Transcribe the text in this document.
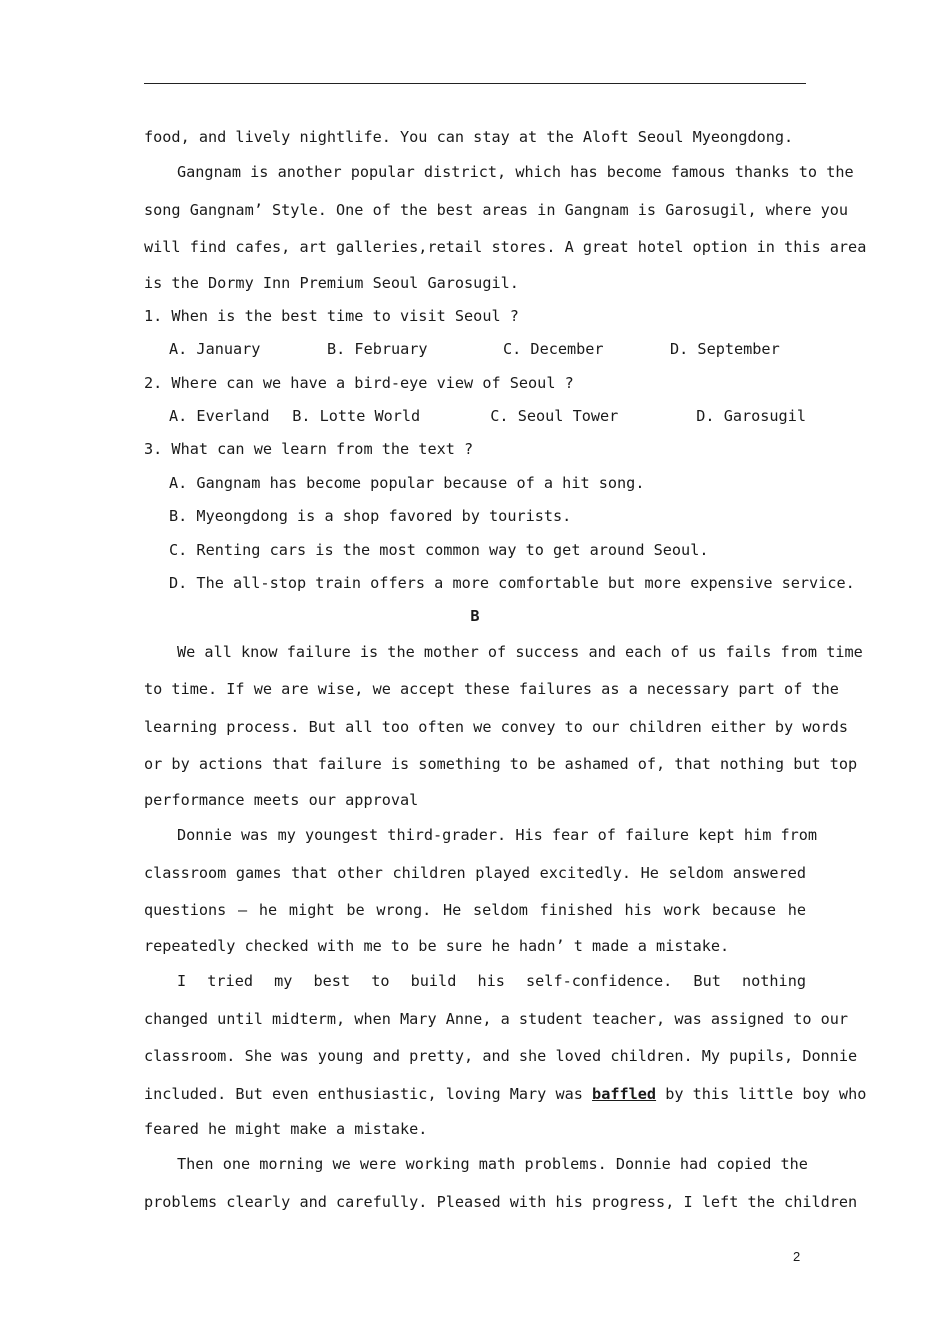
food, and lively nightlife. You can stay at the Aloft Seoul Myeongdong.
Gangnam is another popular district, which has become famous thanks to the
song Gangnam’ Style. One of the best areas in Gangnam is Garosugil, where you
will find cafes, art galleries,retail stores. A great hotel option in this area
is the Dormy Inn Premium Seoul Garosugil.
1. When is the best time to visit Seoul ?
A. January	B. February	C. December	D. September
2. Where can we have a bird-eye view of Seoul ?
A. Everland	B. Lotte World	C. Seoul Tower	D. Garosugil
3. What can we learn from the text ?
A. Gangnam has become popular because of a hit song.
B. Myeongdong is a shop favored by tourists.
C. Renting cars is the most common way to get around Seoul.
D. The all-stop train offers a more comfortable but more expensive service.
B
We all know failure is the mother of success and each of us fails from time
to time. If we are wise, we accept these failures as a necessary part of the
learning process. But all too often we convey to our children either by words
or by actions that failure is something to be ashamed of, that nothing but top
performance meets our approval
Donnie was my youngest third-grader. His fear of failure kept him from
classroom games that other children played excitedly. He seldom answered
questions — he might be wrong. He seldom finished his work because he
repeatedly checked with me to be sure he hadn’ t made a mistake.
I tried my best to build his self-confidence. But nothing
changed until midterm, when Mary Anne, a student teacher, was assigned to our
classroom. She was young and pretty, and she loved children. My pupils, Donnie
included. But even enthusiastic, loving Mary was baffled by this little boy who
feared he might make a mistake.
Then one morning we were working math problems. Donnie had copied the
problems clearly and carefully. Pleased with his progress, I left the children
2
